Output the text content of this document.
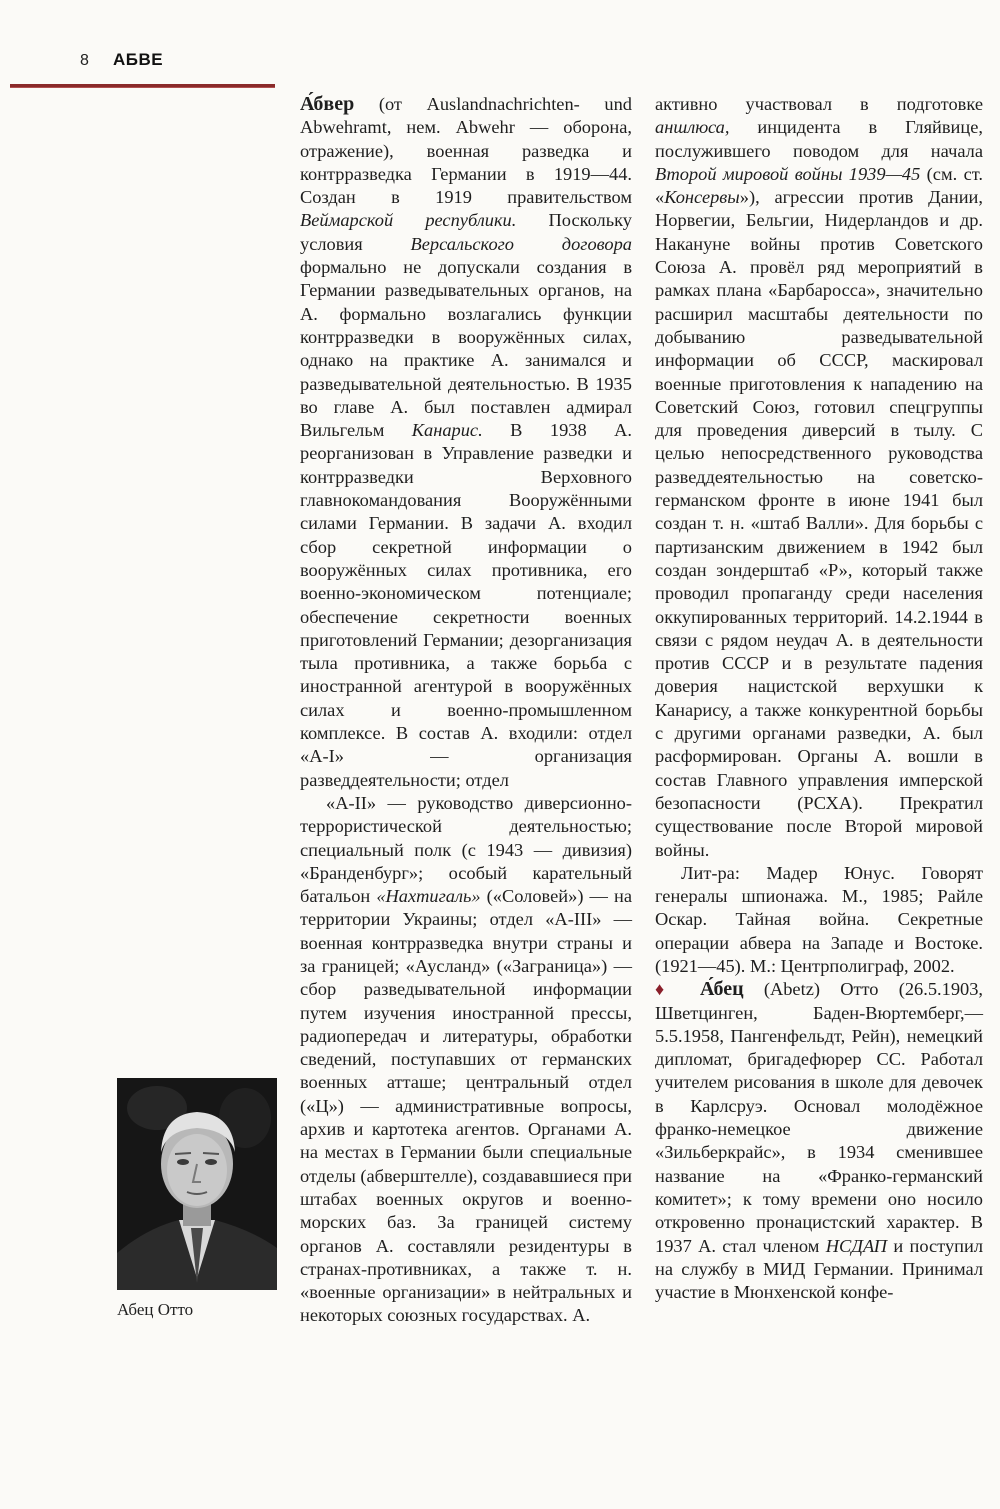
8 АБВЕ
Абец Отто

А́бвер (от Auslandnachrichten- und Abwehramt, нем. Abwehr — оборона, отражение), военная разведка и контрразведка Германии в 1919—44. Создан в 1919 правительством Веймарской республики. Поскольку условия Версальского договора формально не допускали создания в Германии разведывательных органов, на А. формально возлагались функции контрразведки в вооружённых силах, однако на практике А. занимался и разведывательной деятельностью. В 1935 во главе А. был поставлен адмирал Вильгельм Канарис. В 1938 А. реорганизован в Управление разведки и контрразведки Верховного главнокомандования Вооружёнными силами Германии. В задачи А. входил сбор секретной информации о вооружённых силах противника, его военно-экономическом потенциале; обеспечение секретности военных приготовлений Германии; дезорганизация тыла противника, а также борьба с иностранной агентурой в вооружённых силах и военно-промышленном комплексе. В состав А. входили: отдел «А-I» — организация разведдеятельности; отдел

«А-II» — руководство диверсионно-террористической деятельностью; специальный полк (с 1943 — дивизия) «Бранденбург»; особый карательный батальон «Нахтигаль» («Соловей») — на территории Украины; отдел «А-III» — военная контрразведка внутри страны и за границей; «Аусланд» («Заграница») — сбор разведывательной информации путем изучения иностранной прессы, радиопередач и литературы, обработки сведений, поступавших от германских военных атташе; центральный отдел («Ц») — административные вопросы, архив и картотека агентов. Органами А. на местах в Германии были специальные отделы (абверштелле), создававшиеся при штабах военных округов и военно-морских баз. За границей систему органов А. составляли резидентуры в странах-противниках, а также т. н. «военные организации» в нейтральных и некоторых союзных государствах. А.

активно участвовал в подготовке аншлюса, инцидента в Гляйвице, послужившего поводом для начала Второй мировой войны 1939—45 (см. ст. «Консервы»), агрессии против Дании, Норвегии, Бельгии, Нидерландов и др. Накануне войны против Советского Союза А. провёл ряд мероприятий в рамках плана «Барбаросса», значительно расширил масштабы деятельности по добыванию разведывательной информации об СССР, маскировал военные приготовления к нападению на Советский Союз, готовил спецгруппы для проведения диверсий в тылу. С целью непосредственного руководства разведдеятельностью на советско-германском фронте в июне 1941 был создан т. н. «штаб Валли». Для борьбы с партизанским движением в 1942 был создан зондерштаб «Р», который также проводил пропаганду среди населения оккупированных территорий. 14.2.1944 в связи с рядом неудач А. в деятельности против СССР и в результате падения доверия нацистской верхушки к Канарису, а также конкурентной борьбы с другими органами разведки, А. был расформирован. Органы А. вошли в состав Главного управления имперской безопасности (РСХА). Прекратил существование после Второй мировой войны.

Лит-ра: Мадер Юнус. Говорят генералы шпионажа. М., 1985; Райле Оскар. Тайная война. Секретные операции абвера на Западе и Востоке. (1921—45). М.: Центрполиграф, 2002.

♦ А́бец (Abetz) Отто (26.5.1903, Шветцинген, Баден-Вюртемберг,— 5.5.1958, Пангенфельдт, Рейн), немецкий дипломат, бригадефюрер СС. Работал учителем рисования в школе для девочек в Карлсруэ. Основал молодёжное франко-немецкое движение «Зильберкрайс», в 1934 сменившее название на «Франко-германский комитет»; к тому времени оно носило откровенно пронацистский характер. В 1937 А. стал членом НСДАП и поступил на службу в МИД Германии. Принимал участие в Мюнхенской конфе-
